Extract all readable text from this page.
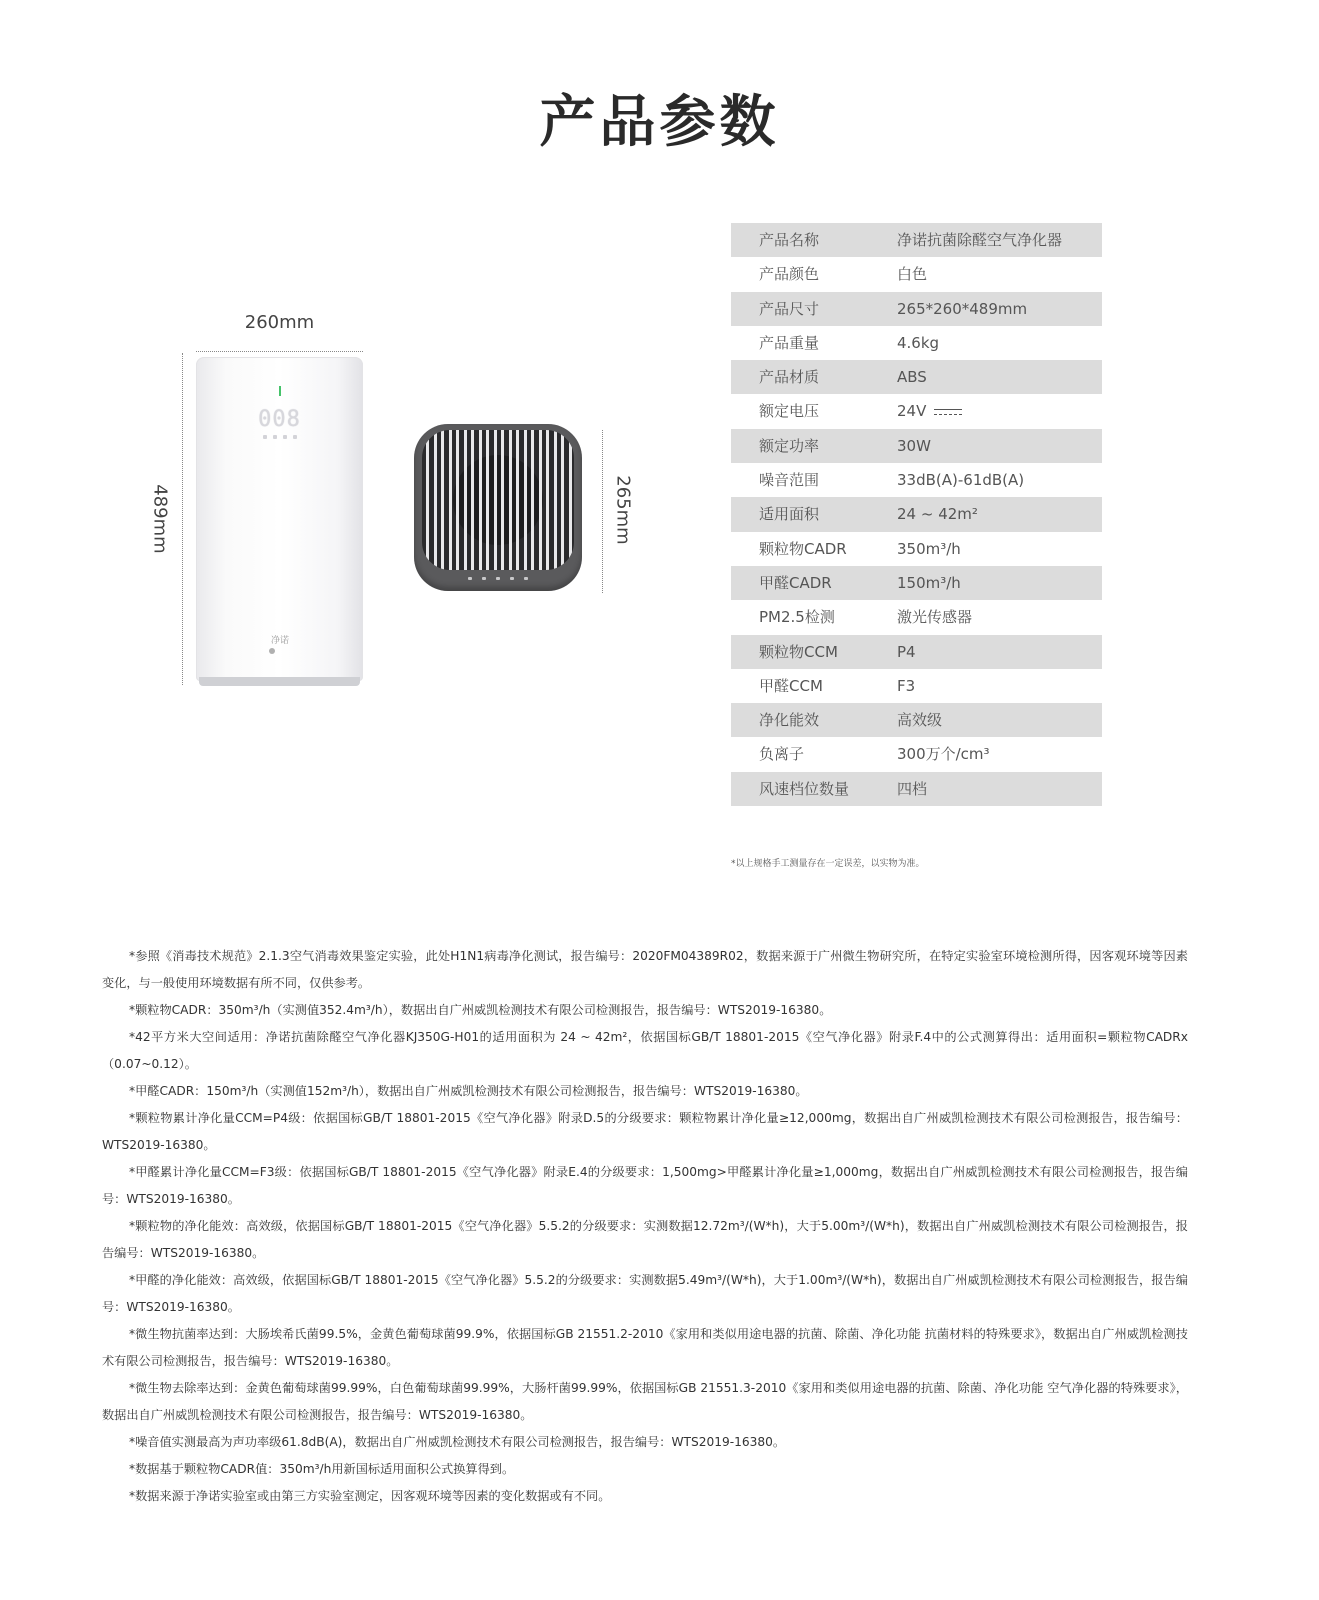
产品参数
260mm
489mm
008
净诺
265mm
产品名称	净诺抗菌除醛空气净化器
产品颜色	白色
产品尺寸	265*260*489mm
产品重量	4.6kg
产品材质	ABS
额定电压	24V
额定功率	30W
噪音范围	33dB(A)-61dB(A)
适用面积	24 ~ 42m²
颗粒物CADR	350m³/h
甲醛CADR	150m³/h
PM2.5检测	激光传感器
颗粒物CCM	P4
甲醛CCM	F3
净化能效	高效级
负离子	300万个/cm³
风速档位数量	四档
*以上规格手工测量存在一定误差，以实物为准。

*参照《消毒技术规范》2.1.3空气消毒效果鉴定实验，此处H1N1病毒净化测试，报告编号：2020FM04389R02，数据来源于广州微生物研究所，在特定实验室环境检测所得，因客观环境等因素变化，与一般使用环境数据有所不同，仅供参考。

*颗粒物CADR：350m³/h（实测值352.4m³/h），数据出自广州威凯检测技术有限公司检测报告，报告编号：WTS2019-16380。

*42平方米大空间适用：净诺抗菌除醛空气净化器KJ350G-H01的适用面积为 24 ~ 42m²，依据国标GB/T 18801-2015《空气净化器》附录F.4中的公式测算得出：适用面积=颗粒物CADRx（0.07~0.12）。

*甲醛CADR：150m³/h（实测值152m³/h），数据出自广州威凯检测技术有限公司检测报告，报告编号：WTS2019-16380。

*颗粒物累计净化量CCM=P4级：依据国标GB/T 18801-2015《空气净化器》附录D.5的分级要求：颗粒物累计净化量≥12,000mg，数据出自广州威凯检测技术有限公司检测报告，报告编号：WTS2019-16380。

*甲醛累计净化量CCM=F3级：依据国标GB/T 18801-2015《空气净化器》附录E.4的分级要求：1,500mg>甲醛累计净化量≥1,000mg，数据出自广州威凯检测技术有限公司检测报告，报告编号：WTS2019-16380。

*颗粒物的净化能效：高效级，依据国标GB/T 18801-2015《空气净化器》5.5.2的分级要求：实测数据12.72m³/(W*h)，大于5.00m³/(W*h)，数据出自广州威凯检测技术有限公司检测报告，报告编号：WTS2019-16380。

*甲醛的净化能效：高效级，依据国标GB/T 18801-2015《空气净化器》5.5.2的分级要求：实测数据5.49m³/(W*h)，大于1.00m³/(W*h)，数据出自广州威凯检测技术有限公司检测报告，报告编号：WTS2019-16380。

*微生物抗菌率达到：大肠埃希氏菌99.5%，金黄色葡萄球菌99.9%，依据国标GB 21551.2-2010《家用和类似用途电器的抗菌、除菌、净化功能 抗菌材料的特殊要求》，数据出自广州威凯检测技术有限公司检测报告，报告编号：WTS2019-16380。

*微生物去除率达到：金黄色葡萄球菌99.99%，白色葡萄球菌99.99%，大肠杆菌99.99%，依据国标GB 21551.3-2010《家用和类似用途电器的抗菌、除菌、净化功能 空气净化器的特殊要求》，数据出自广州威凯检测技术有限公司检测报告，报告编号：WTS2019-16380。

*噪音值实测最高为声功率级61.8dB(A)，数据出自广州威凯检测技术有限公司检测报告，报告编号：WTS2019-16380。

*数据基于颗粒物CADR值：350m³/h用新国标适用面积公式换算得到。

*数据来源于净诺实验室或由第三方实验室测定，因客观环境等因素的变化数据或有不同。
